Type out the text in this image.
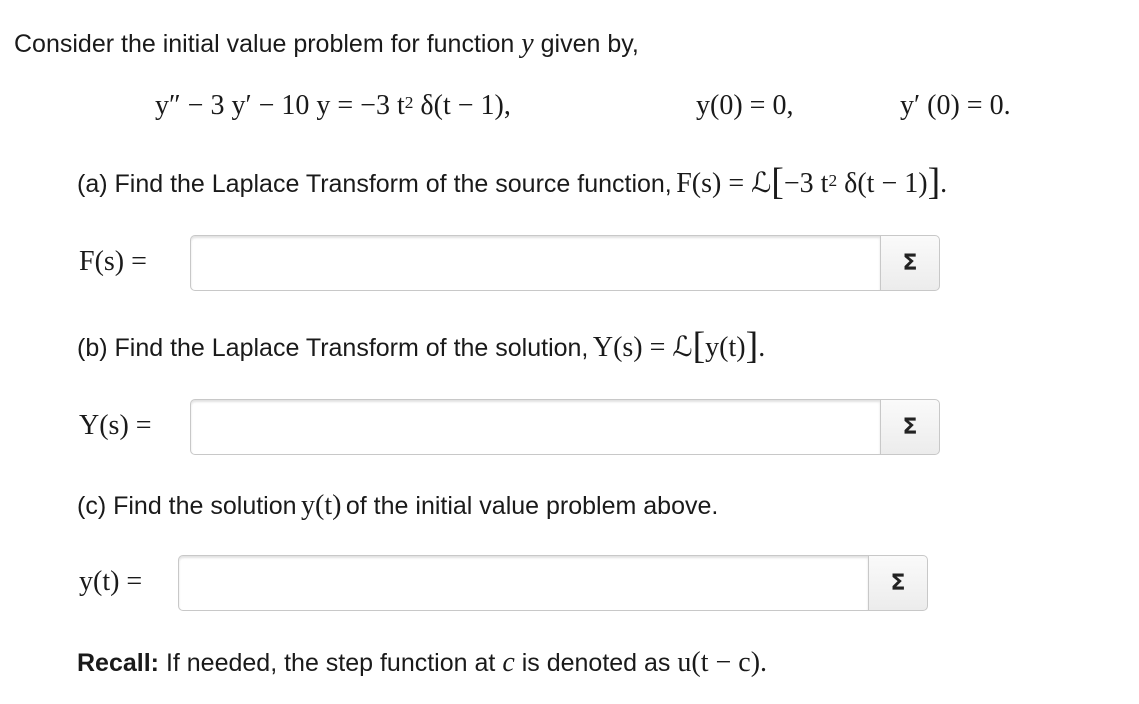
Consider the initial value problem for function y given by,
y″ − 3 y′ − 10 y = −3 $t^2$ δ(t − 1),	y(0) = 0,	y′ (0) = 0.
(a) Find the Laplace Transform of the source function, F(s) = ℒ[−3 $t^2$ δ(t − 1)].
F(s) =	Σ
(b) Find the Laplace Transform of the solution, Y(s) = ℒ[y(t)].
Y(s) =	Σ
(c) Find the solution y(t) of the initial value problem above.
y(t) =	Σ
Recall: If needed, the step function at c is denoted as u(t − c).
